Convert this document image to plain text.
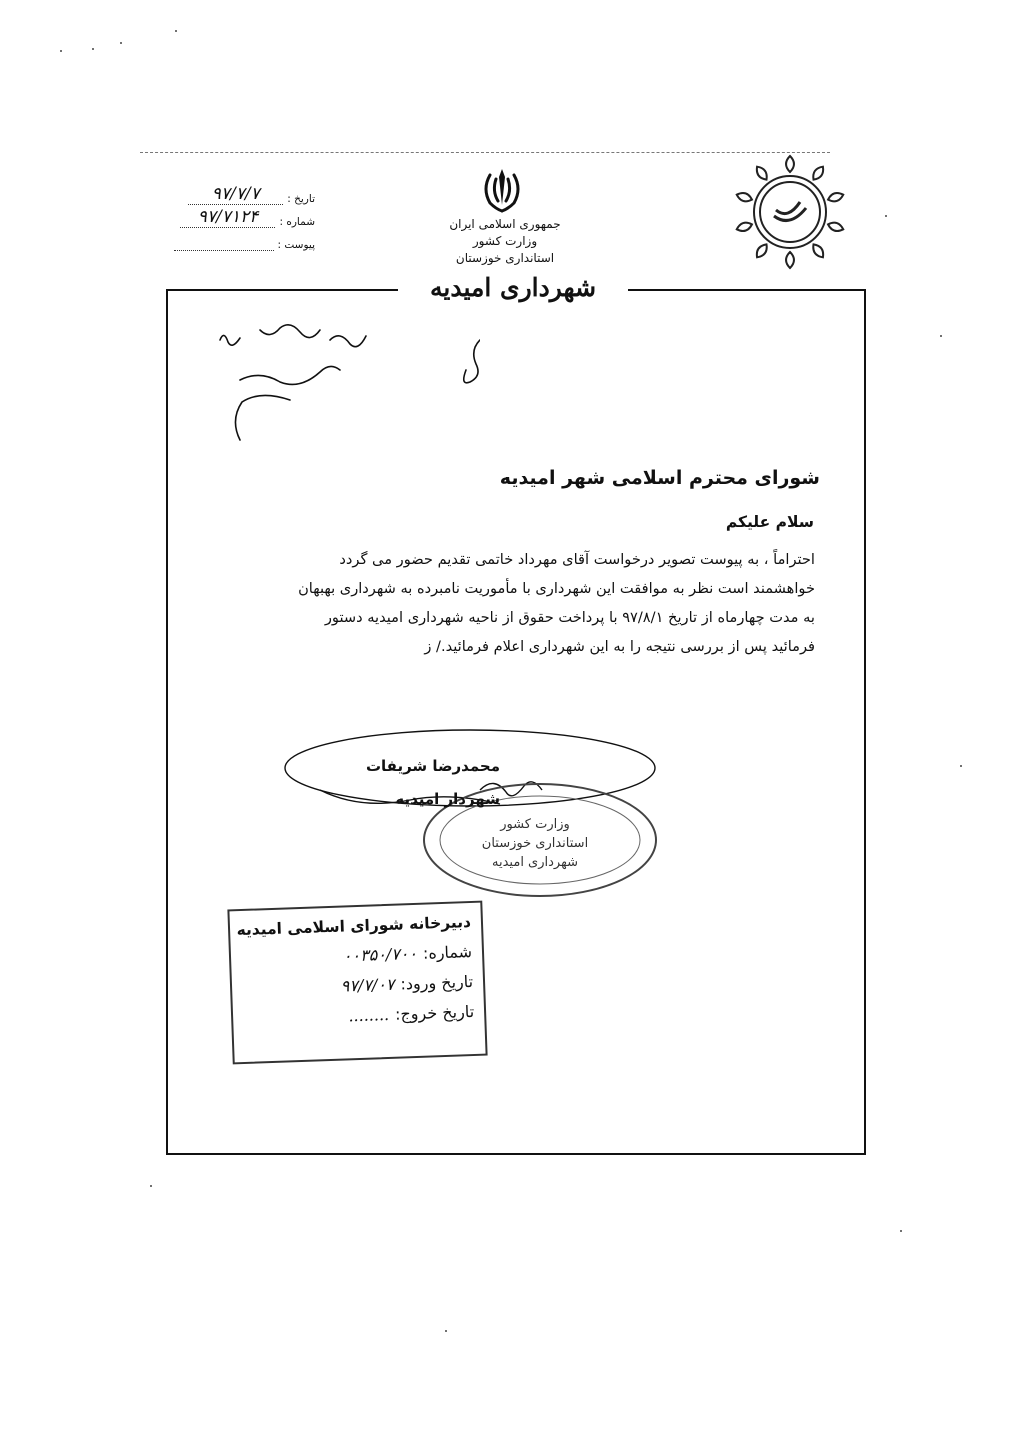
۹۷/۷/۷	تاریخ :
۹۷/۷۱۲۴	شماره :
پیوست :
جمهوری اسلامی ایران
وزارت کشور
استانداری خوزستان
شهرداری امیدیه
شورای محترم اسلامی شهر امیدیه
سلام علیکم
احتراماً ، به پیوست تصویر درخواست آقای مهرداد خاتمی تقدیم حضور می گردد
خواهشمند است نظر به موافقت این شهرداری با مأموریت نامبرده به شهرداری بهبهان
به مدت چهارماه از تاریخ ۹۷/۸/۱ با پرداخت حقوق از ناحیه شهرداری امیدیه دستور
فرمائید پس از بررسی نتیجه را به این شهرداری اعلام فرمائید./ ز
وزارت کشور
استانداری خوزستان
شهرداری امیدیه
محمدرضا شریفات
شهردار امیدیه
دبیرخانه شورای اسلامی امیدیه
شماره:
۰۰۳۵۰/۷۰۰
تاریخ ورود:
۹۷/۷/۰۷
تاریخ خروج:
........
